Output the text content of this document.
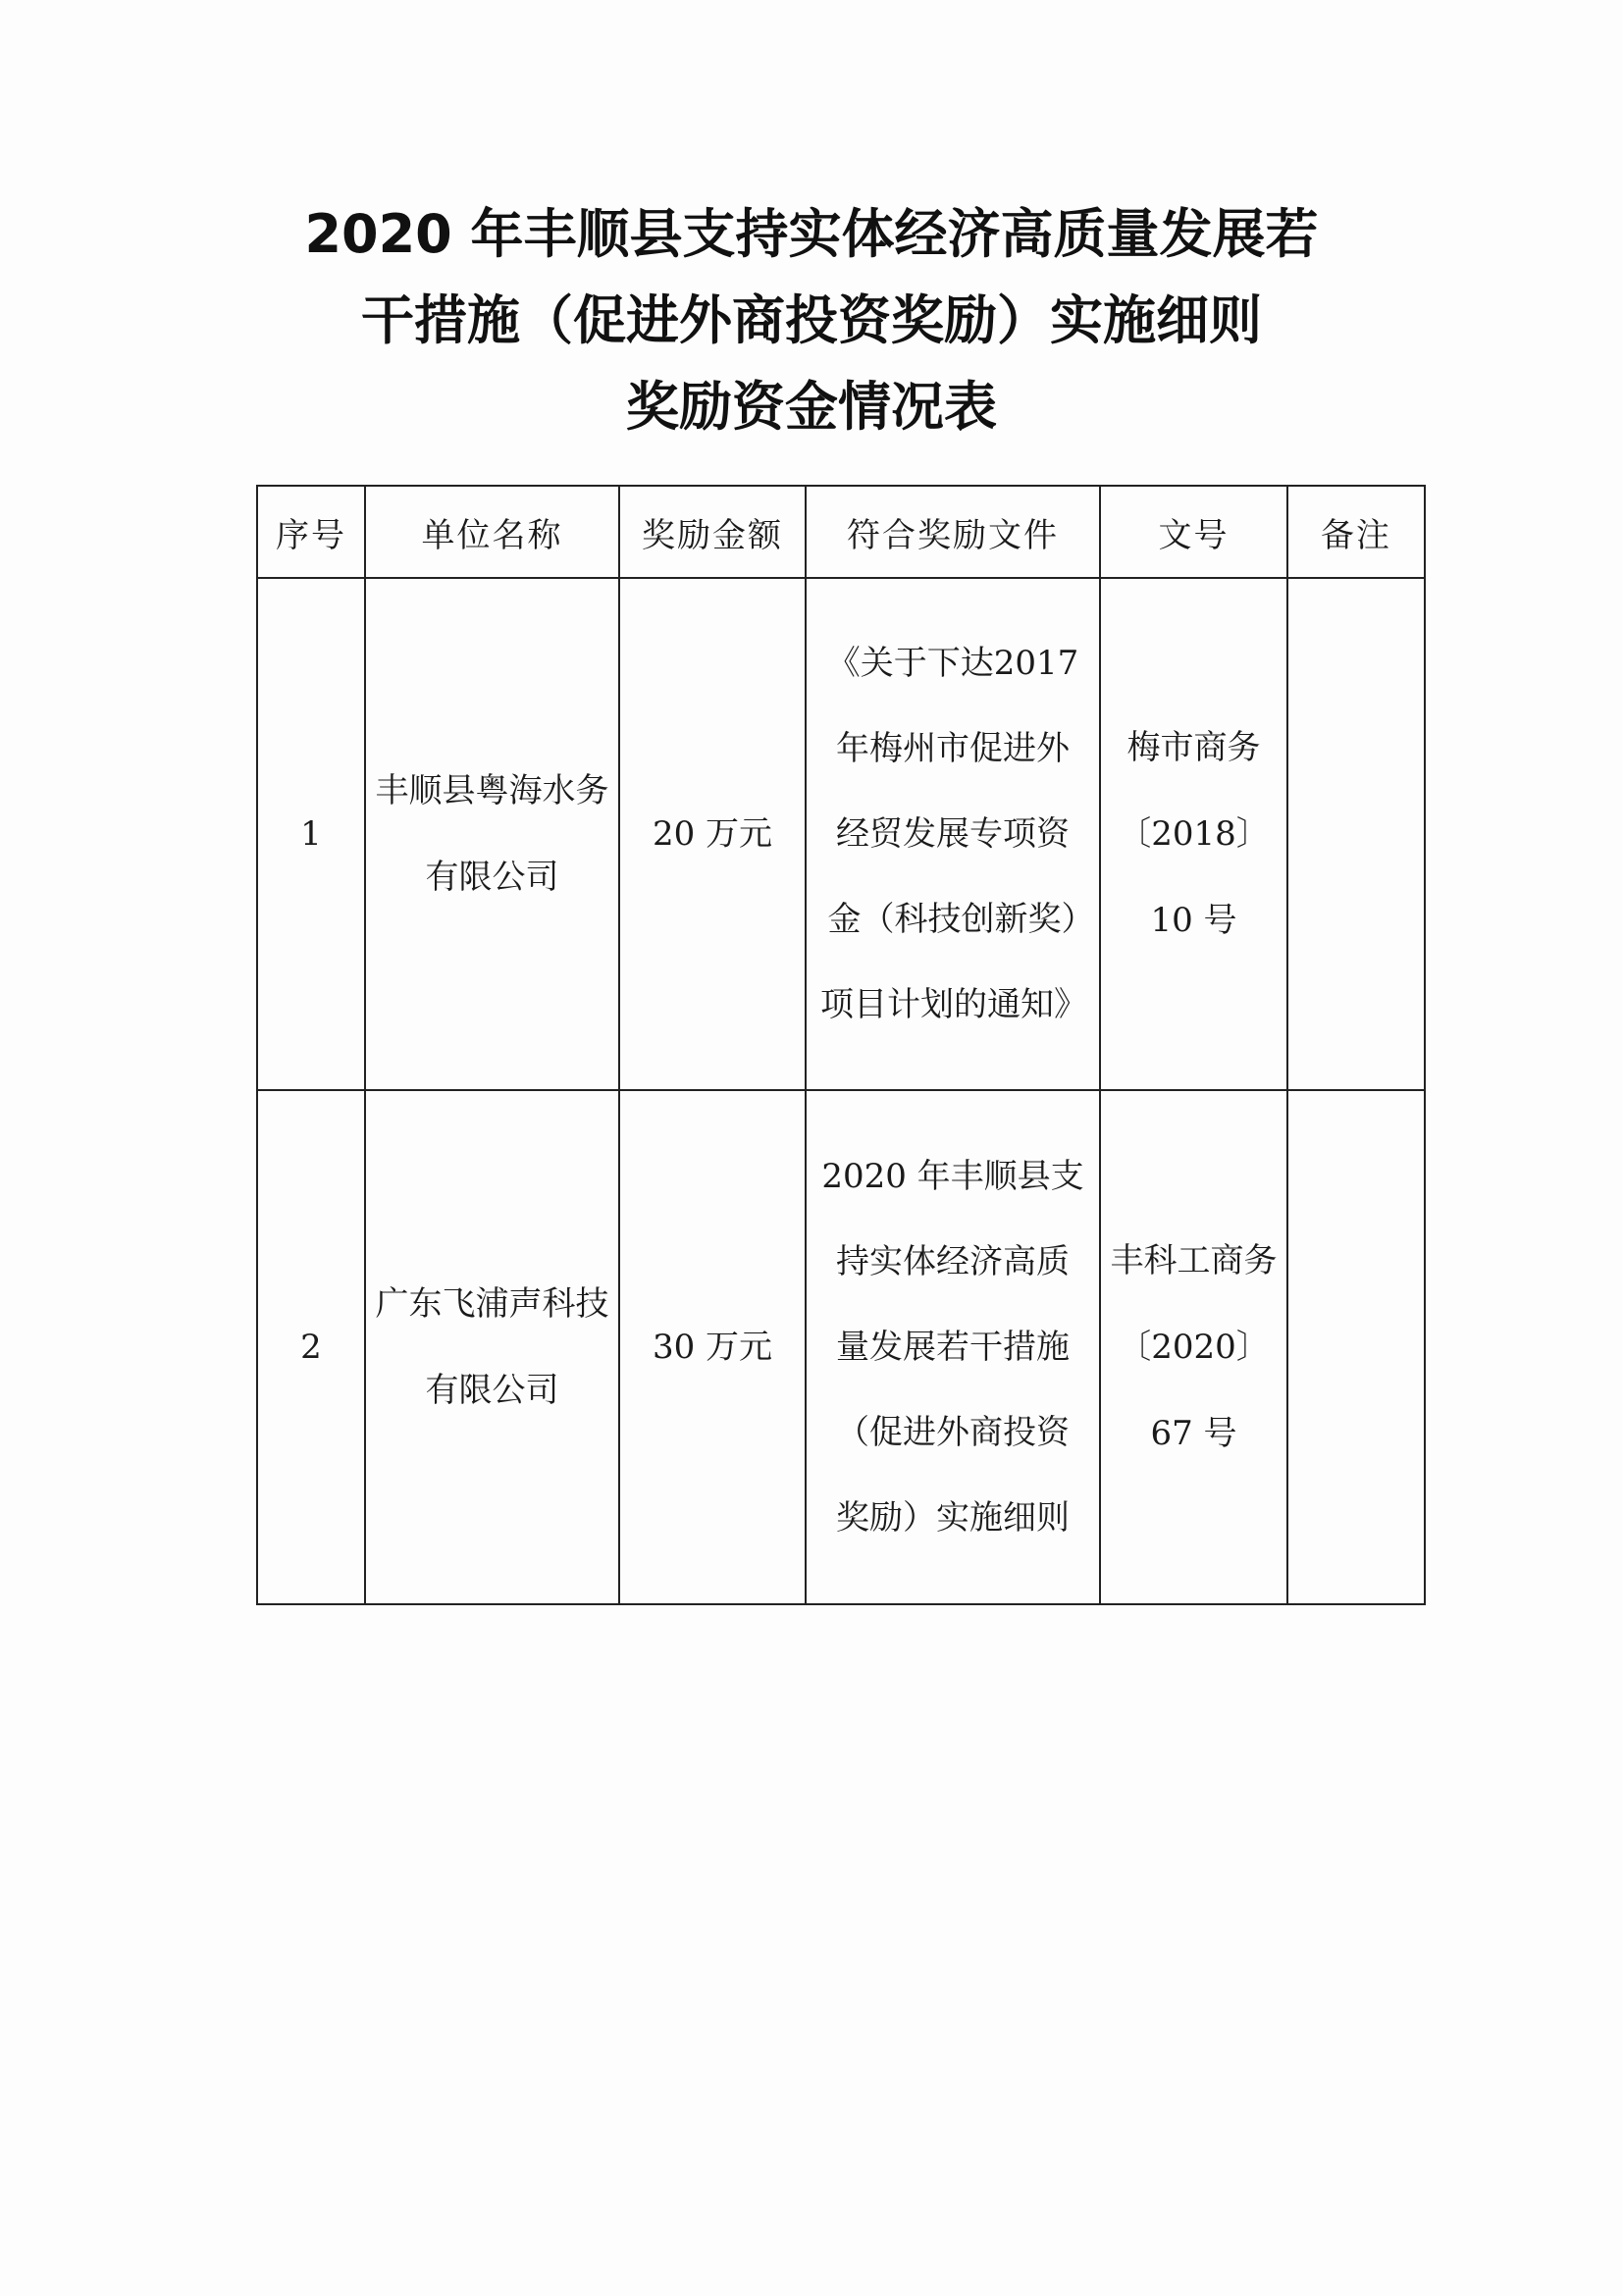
2020 年丰顺县支持实体经济高质量发展若
干措施（促进外商投资奖励）实施细则
奖励资金情况表
序号	单位名称	奖励金额	符合奖励文件	文号	备注

1	丰顺县粤海水务有限公司	20 万元	《关于下达2017 年梅州市促进外经贸发展专项资金（科技创新奖）项目计划的通知》	梅市商务〔2018〕10 号	

2	广东飞浦声科技有限公司	30 万元	2020 年丰顺县支持实体经济高质量发展若干措施（促进外商投资奖励）实施细则	丰科工商务〔2020〕67 号	
